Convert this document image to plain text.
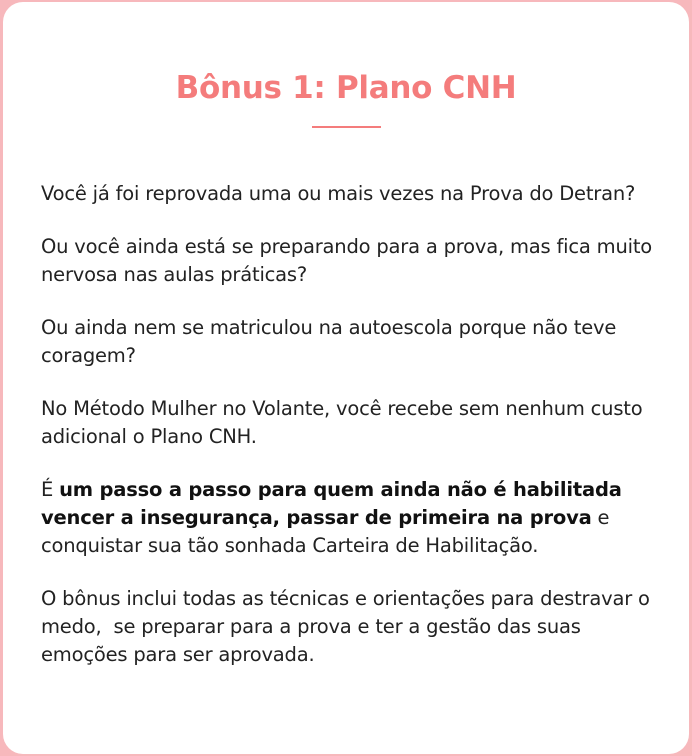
Bônus 1: Plano CNH

Você já foi reprovada uma ou mais vezes na Prova do Detran?

Ou você ainda está se preparando para a prova, mas fica muito nervosa nas aulas práticas?

Ou ainda nem se matriculou na autoescola porque não teve coragem?

No Método Mulher no Volante, você recebe sem nenhum custo adicional o Plano CNH.

É um passo a passo para quem ainda não é habilitada vencer a insegurança, passar de primeira na prova e conquistar sua tão sonhada Carteira de Habilitação.

O bônus inclui todas as técnicas e orientações para destravar o medo,  se preparar para a prova e ter a gestão das suas emoções para ser aprovada.
